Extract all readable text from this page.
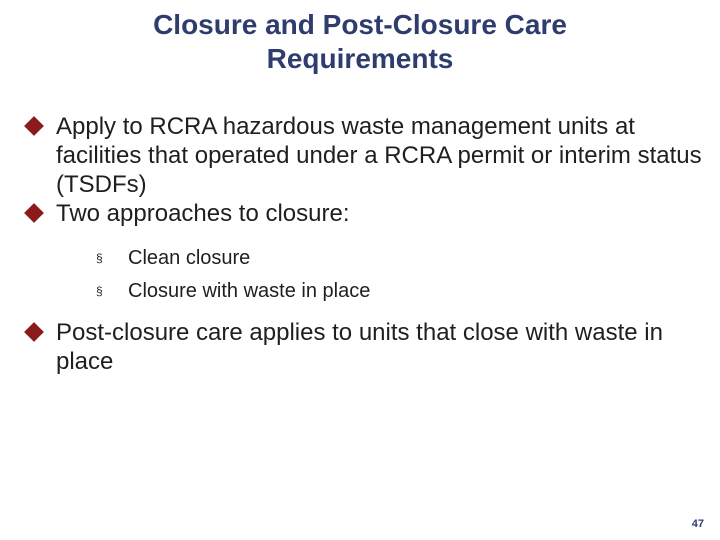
Closure and Post-Closure Care
Requirements
Apply to RCRA hazardous waste management units at facilities that operated under a RCRA permit or interim status (TSDFs)
Two approaches to closure:
§ Clean closure
§ Closure with waste in place
Post-closure care applies to units that close with waste in place
47
